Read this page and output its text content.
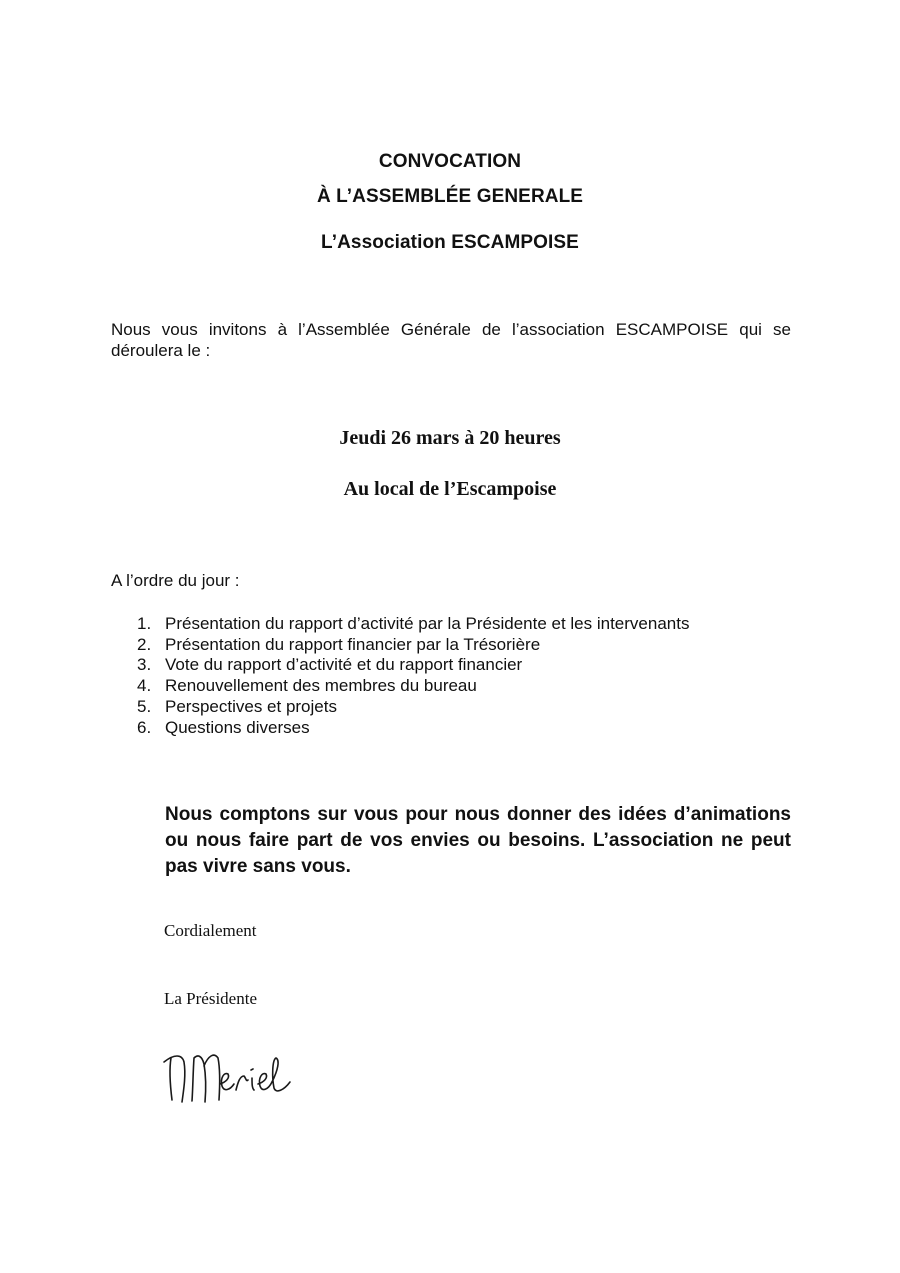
CONVOCATION
À L’ASSEMBLÉE GENERALE
L’Association ESCAMPOISE
Nous vous invitons à l’Assemblée Générale de l’association ESCAMPOISE qui se déroulera le :
Jeudi 26 mars à 20 heures
Au local de l’Escampoise
A l’ordre du jour :
1. Présentation du rapport d’activité par la Présidente et les intervenants
2. Présentation du rapport financier par la Trésorière
3. Vote du rapport d’activité et du rapport financier
4. Renouvellement des membres du bureau
5. Perspectives et projets
6. Questions diverses
Nous comptons sur vous pour nous donner des idées d’animations ou nous faire part de vos envies ou besoins. L’association ne peut pas vivre sans vous.
Cordialement
La Présidente
